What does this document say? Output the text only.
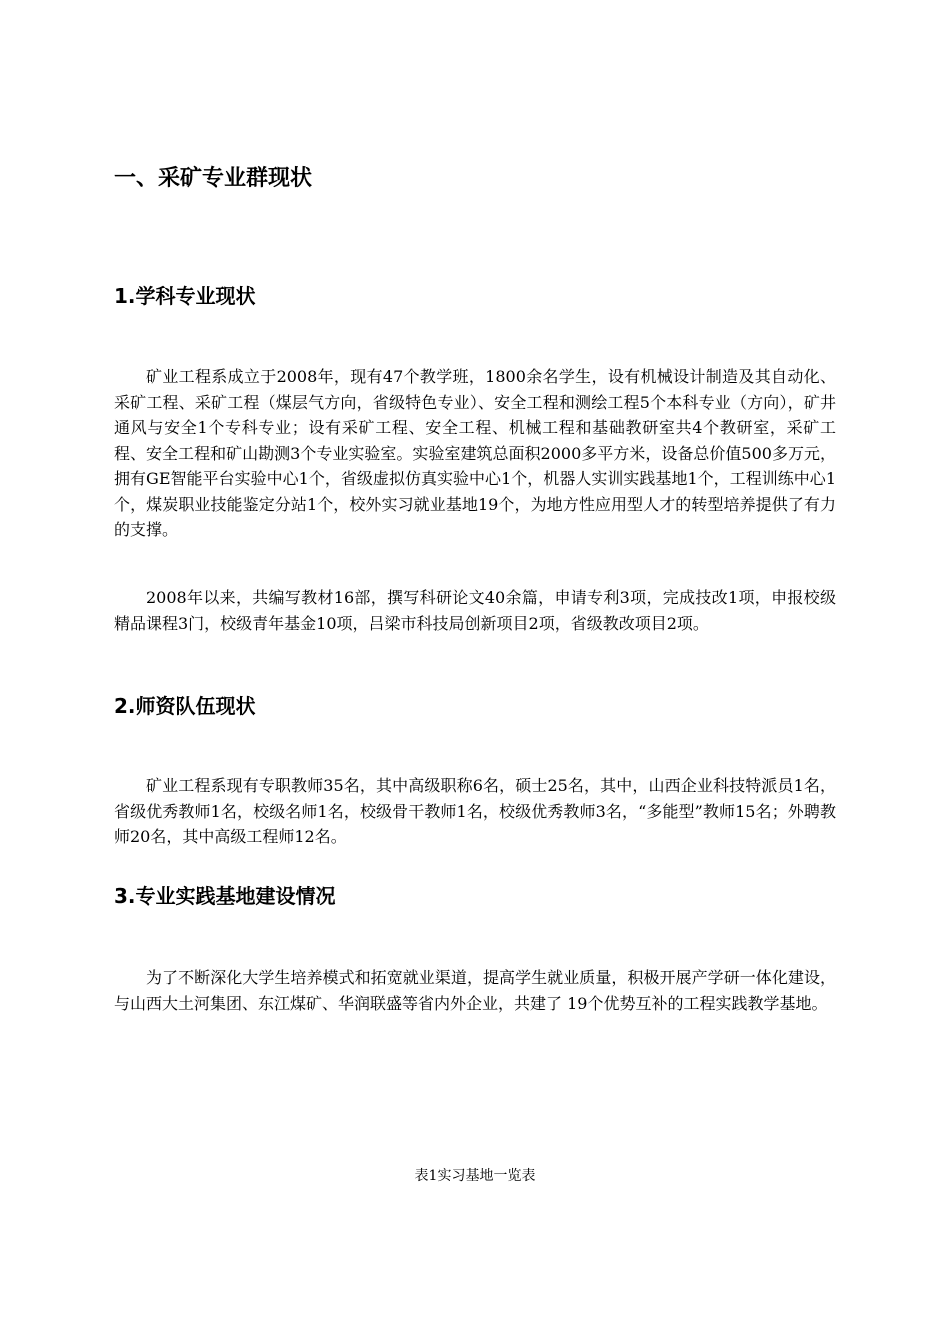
一、采矿专业群现状
1.学科专业现状

矿业工程系成立于2008年，现有47个教学班，1800余名学生，设有机械设计制造及其自动化、采矿工程、采矿工程（煤层气方向，省级特色专业）、安全工程和测绘工程5个本科专业（方向），矿井通风与安全1个专科专业；设有采矿工程、安全工程、机械工程和基础教研室共4个教研室，采矿工程、安全工程和矿山勘测3个专业实验室。实验室建筑总面积2000多平方米，设备总价值500多万元，拥有GE智能平台实验中心1个，省级虚拟仿真实验中心1个，机器人实训实践基地1个，工程训练中心1个，煤炭职业技能鉴定分站1个，校外实习就业基地19个，为地方性应用型人才的转型培养提供了有力的支撑。

2008年以来，共编写教材16部，撰写科研论文40余篇，申请专利3项，完成技改1项，申报校级精品课程3门，校级青年基金10项，吕梁市科技局创新项目2项，省级教改项目2项。

2.师资队伍现状

矿业工程系现有专职教师35名，其中高级职称6名，硕士25名，其中，山西企业科技特派员1名，省级优秀教师1名，校级名师1名，校级骨干教师1名，校级优秀教师3名，“多能型”教师15名；外聘教师20名，其中高级工程师12名。

3.专业实践基地建设情况

为了不断深化大学生培养模式和拓宽就业渠道，提高学生就业质量，积极开展产学研一体化建设，与山西大土河集团、东江煤矿、华润联盛等省内外企业，共建了 19个优势互补的工程实践教学基地。

表1实习基地一览表
